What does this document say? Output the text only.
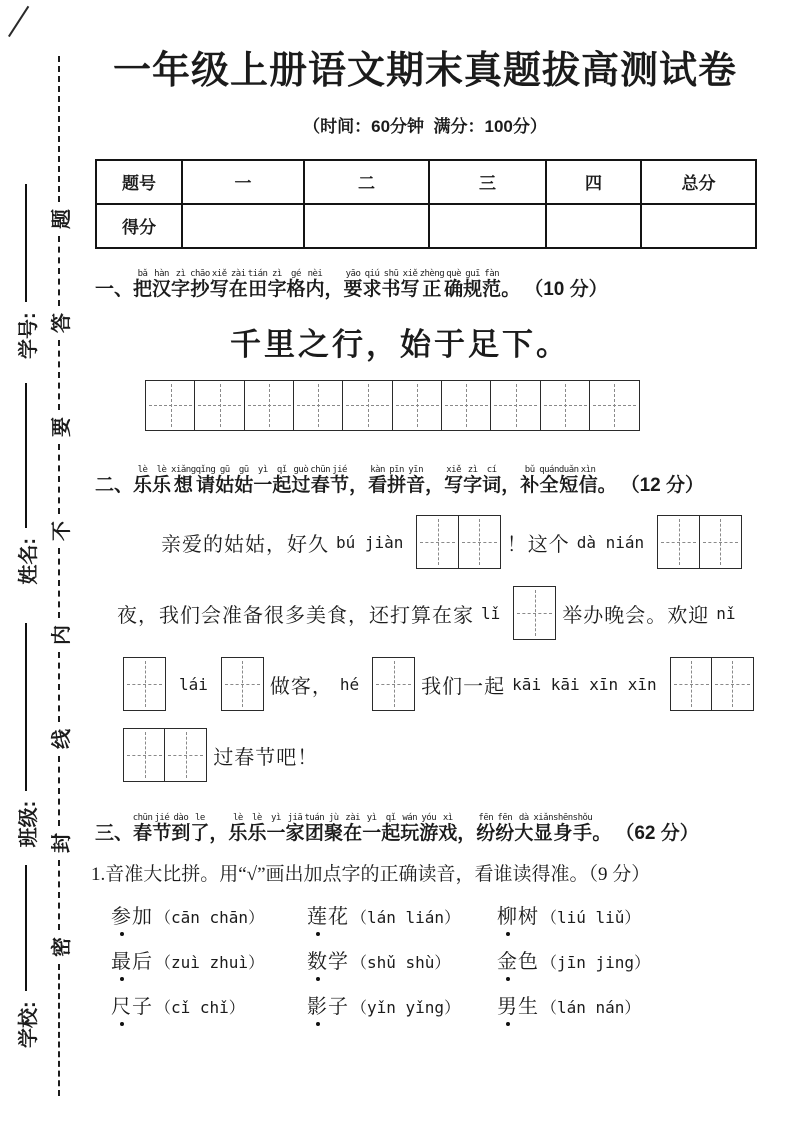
学校:
班级:
姓名:
学号:
密
封
线
内
不
要
答
题
一年级上册语文期末真题拔高测试卷
（时间：60分钟  满分：100分）
题号	一	二	三	四	总分
得分					
一、把bǎ汉hàn字zì抄chāo写xiě在zài田tián字zì格gé内nèi，要yāo求qiú书shū写xiě正zhèng确què规guī范fàn。 （10 分）
千里之行，始于足下。
二、乐lè乐lè想xiǎng请qǐng姑gū姑gū一yì起qǐ过guò春chūn节jié，看kàn拼pīn音yīn，写xiě字zì词cí，补bǔ全quán短duǎn信xìn。 （12 分）
亲爱的姑姑，好久 bú jiàn	！这个 dà nián
夜，我们会准备很多美食，还打算在家 lǐ	举办晚会。欢迎 nǐ
lái	做客， hé	我们一起 kāi kāi xīn xīn
过春节吧！
三、春chūn节jié到dào了le，乐lè乐lè一yì家jiā团tuán聚jù在zài一yì起qǐ玩wán游yóu戏xì，纷fēn纷fēn大dà显xiǎn身shēn手shǒu。 （62 分）
1.音准大比拼。用“√”画出加点字的正确读音，看谁读得准。（9 分）
参加 （cān chān） 莲花 （lán lián） 柳树 （liú liǔ）
最后 （zuì zhuì） 数学 （shǔ shù） 金色 （jīn jing）
尺子 （cǐ chǐ）	影子 （yǐn yǐng） 男生 （lán nán）
